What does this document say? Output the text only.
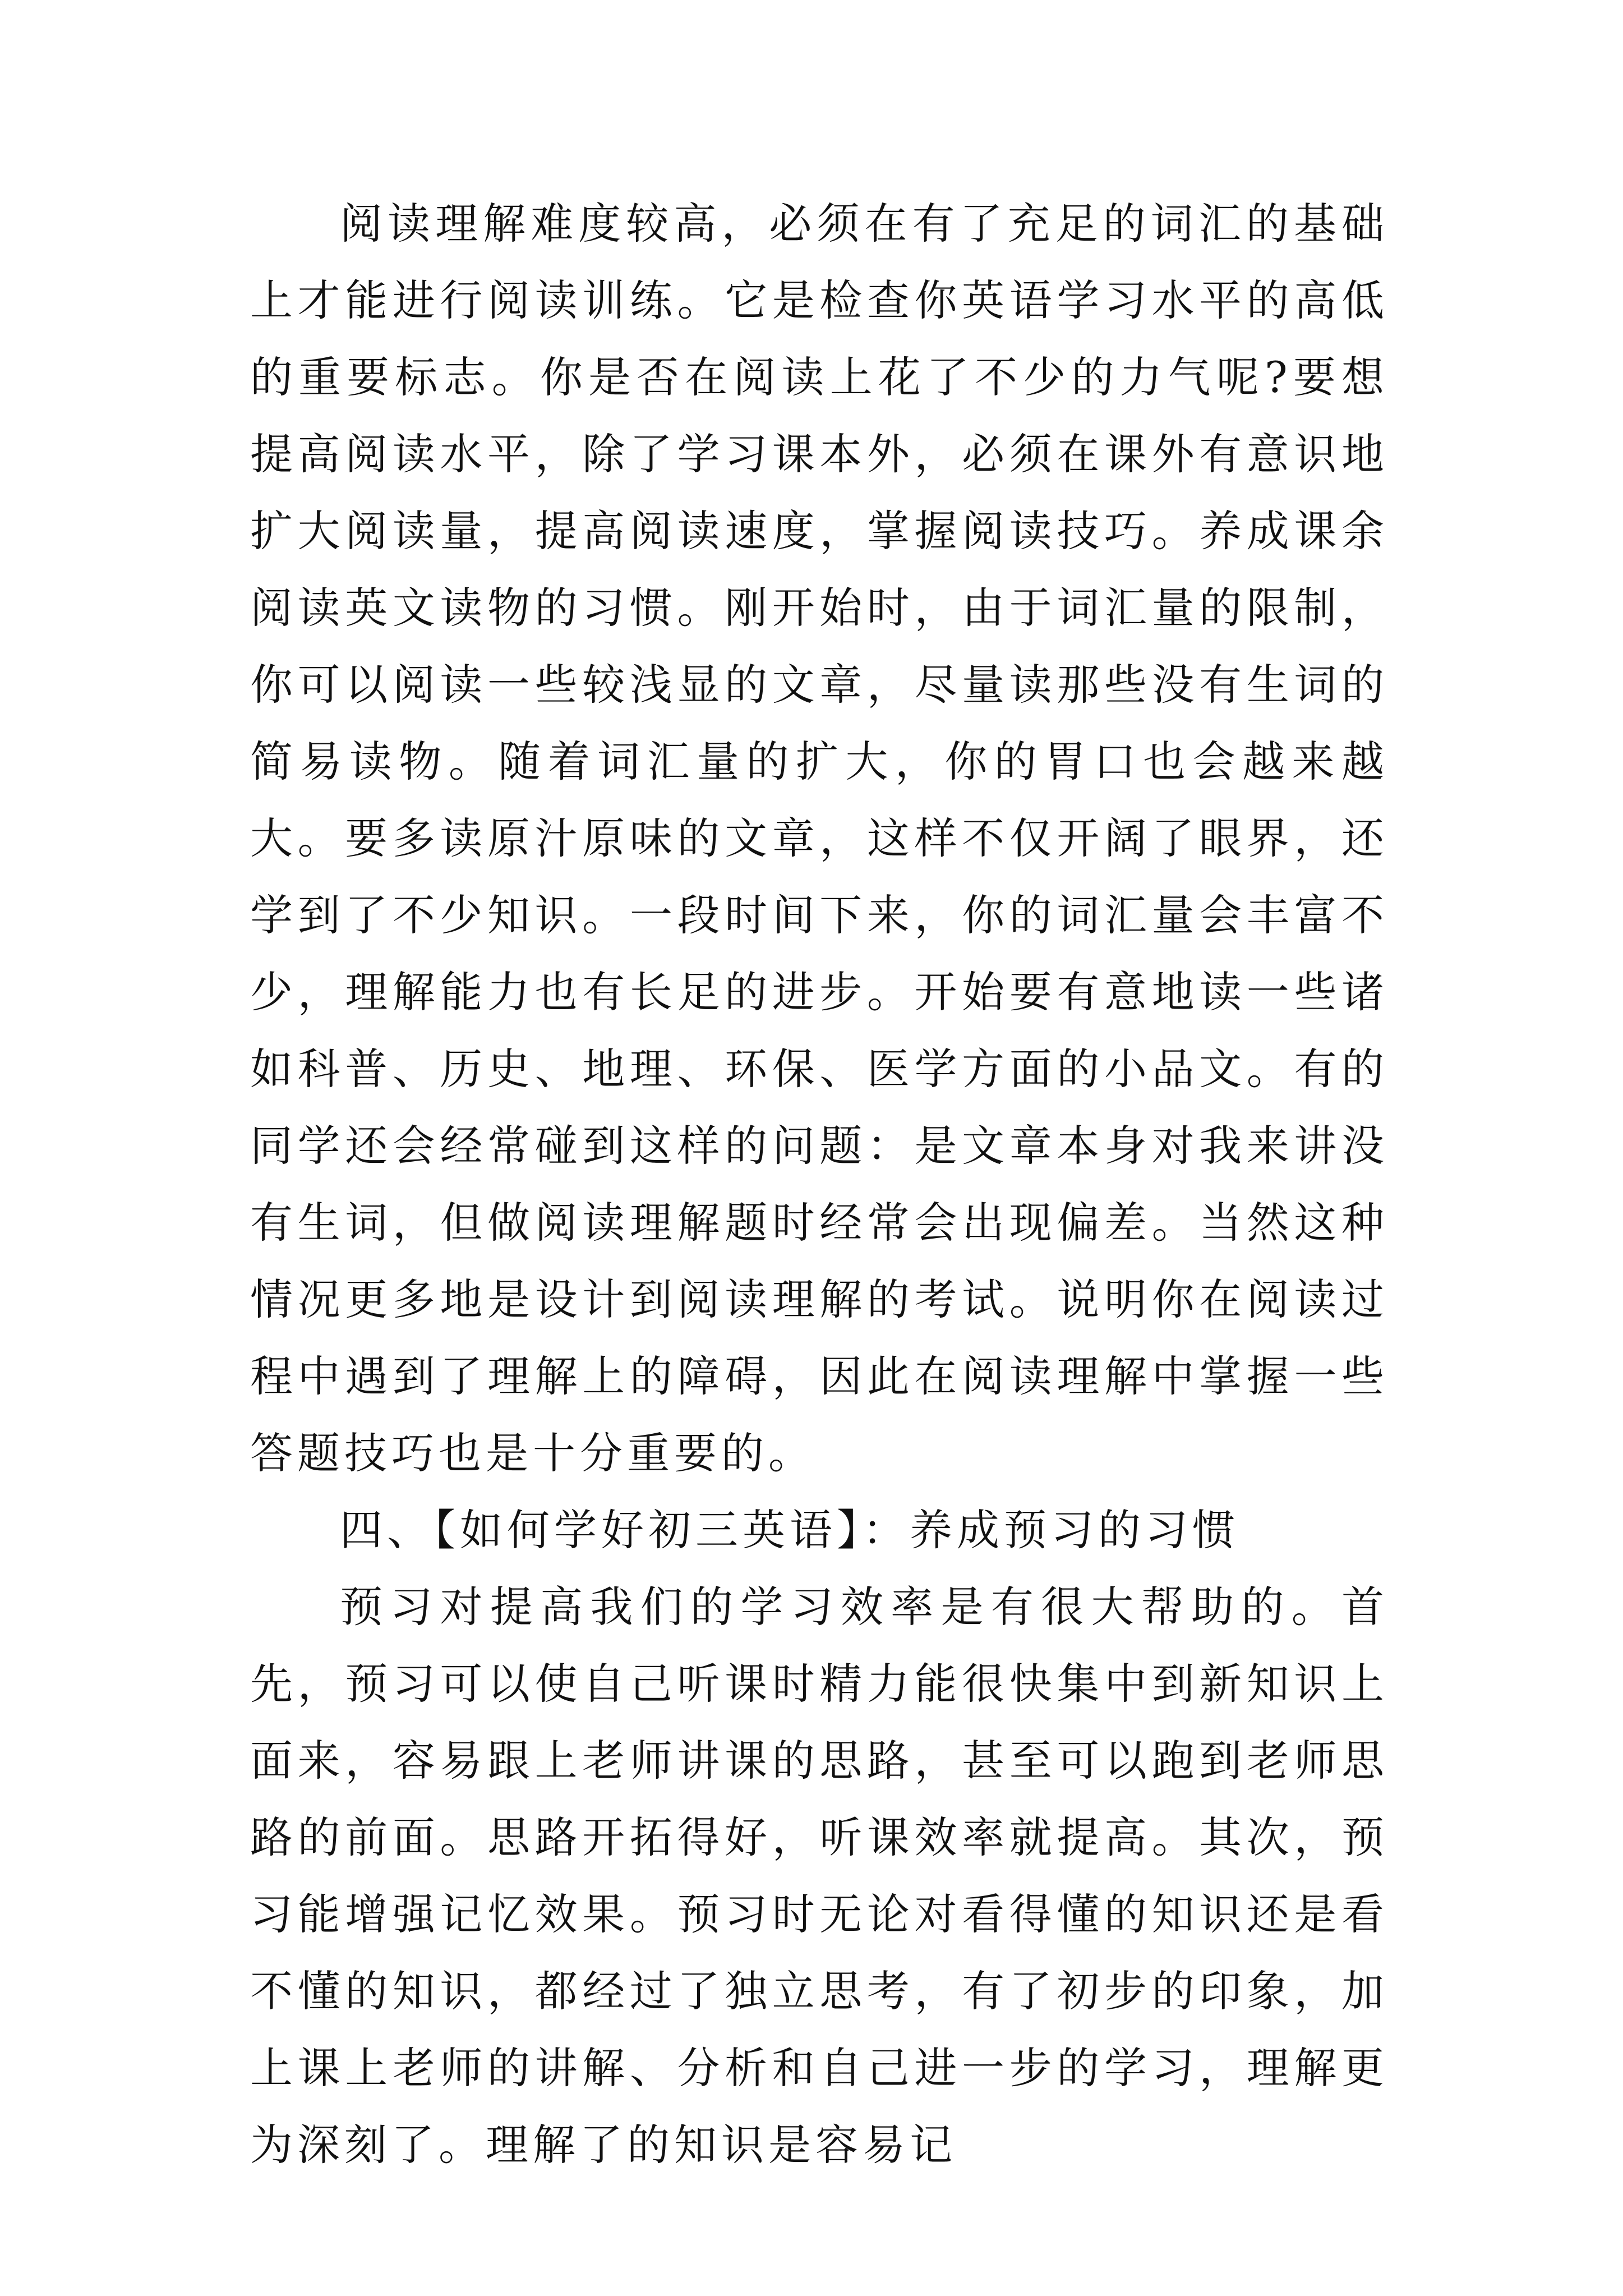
阅读理解难度较高，必须在有了充足的词汇的基础上才能进行阅读训练。它是检查你英语学习水平的高低的重要标志。你是否在阅读上花了不少的力气呢?要想提高阅读水平，除了学习课本外，必须在课外有意识地扩大阅读量，提高阅读速度，掌握阅读技巧。养成课余阅读英文读物的习惯。刚开始时，由于词汇量的限制，你可以阅读一些较浅显的文章，尽量读那些没有生词的简易读物。随着词汇量的扩大，你的胃口也会越来越大。要多读原汁原味的文章，这样不仅开阔了眼界，还学到了不少知识。一段时间下来，你的词汇量会丰富不少，理解能力也有长足的进步。开始要有意地读一些诸如科普、历史、地理、环保、医学方面的小品文。有的同学还会经常碰到这样的问题：是文章本身对我来讲没有生词，但做阅读理解题时经常会出现偏差。当然这种情况更多地是设计到阅读理解的考试。说明你在阅读过程中遇到了理解上的障碍，因此在阅读理解中掌握一些答题技巧也是十分重要的。

四、【如何学好初三英语】：养成预习的习惯

预习对提高我们的学习效率是有很大帮助的。首先，预习可以使自己听课时精力能很快集中到新知识上面来，容易跟上老师讲课的思路，甚至可以跑到老师思路的前面。思路开拓得好，听课效率就提高。其次，预习能增强记忆效果。预习时无论对看得懂的知识还是看不懂的知识，都经过了独立思考，有了初步的印象，加上课上老师的讲解、分析和自己进一步的学习，理解更为深刻了。理解了的知识是容易记
